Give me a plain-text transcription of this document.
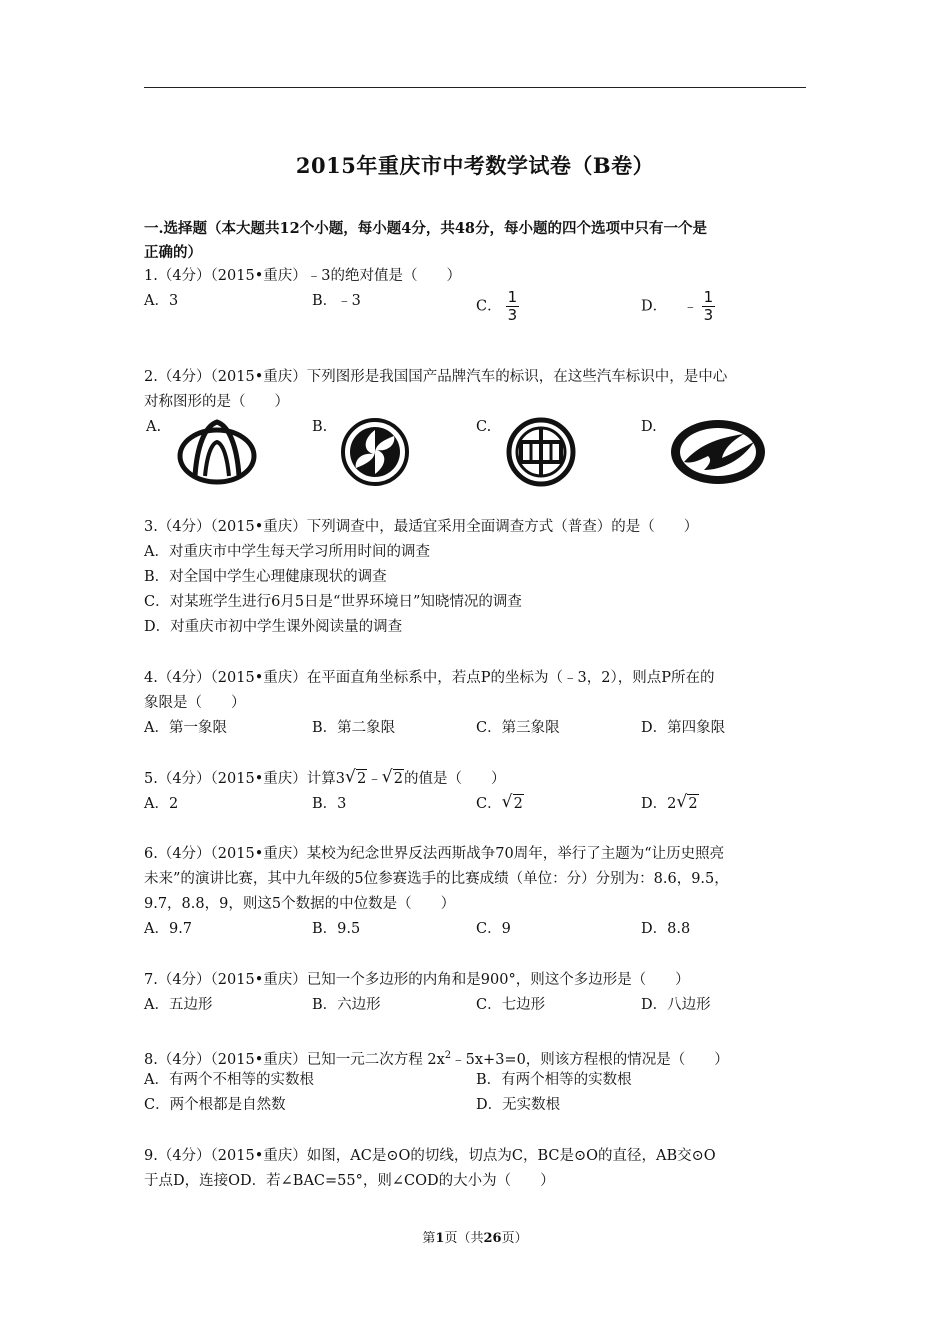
2015年重庆市中考数学试卷（B卷）
一.选择题（本大题共12个小题，每小题4分，共48分，每小题的四个选项中只有一个是
正确的）
1.（4分）（2015•重庆）﹣3的绝对值是（　　）
A．3	B．﹣3	C． $\frac{1}{3}$	D． ﹣ $\frac{1}{3}$
2.（4分）（2015•重庆）下列图形是我国国产品牌汽车的标识，在这些汽车标识中，是中心
对称图形的是（　　）
A.	B.	C.	D.
3.（4分）（2015•重庆）下列调查中，最适宜采用全面调查方式（普查）的是（　　）
A．对重庆市中学生每天学习所用时间的调查
B．对全国中学生心理健康现状的调查
C．对某班学生进行6月5日是“世界环境日”知晓情况的调查
D．对重庆市初中学生课外阅读量的调查
4.（4分）（2015•重庆）在平面直角坐标系中，若点P的坐标为（﹣3，2），则点P所在的
象限是（　　）
A．第一象限	B．第二象限	C．第三象限	D．第四象限
5.（4分）（2015•重庆）计算3 √ 2﹣ √ 2的值是（　　）
A．2	B．3	C． √ 2	D．2 √ 2
6.（4分）（2015•重庆）某校为纪念世界反法西斯战争70周年，举行了主题为“让历史照亮
未来”的演讲比赛，其中九年级的5位参赛选手的比赛成绩（单位：分）分别为：8.6，9.5，
9.7，8.8，9，则这5个数据的中位数是（　　）
A．9.7	B．9.5	C．9	D．8.8
7.（4分）（2015•重庆）已知一个多边形的内角和是900°，则这个多边形是（　　）
A．五边形	B．六边形	C．七边形	D．八边形
8.（4分）（2015•重庆）已知一元二次方程 $2x^2﹣5x+3=0$，则该方程根的情况是（　　）
A．有两个不相等的实数根	B．有两个相等的实数根
C．两个根都是自然数	D．无实数根
9.（4分）（2015•重庆）如图，AC是⊙O的切线，切点为C，BC是⊙O的直径，AB交⊙O
于点D，连接OD．若∠BAC=55°，则∠COD的大小为（　　）
第1页（共26页）
